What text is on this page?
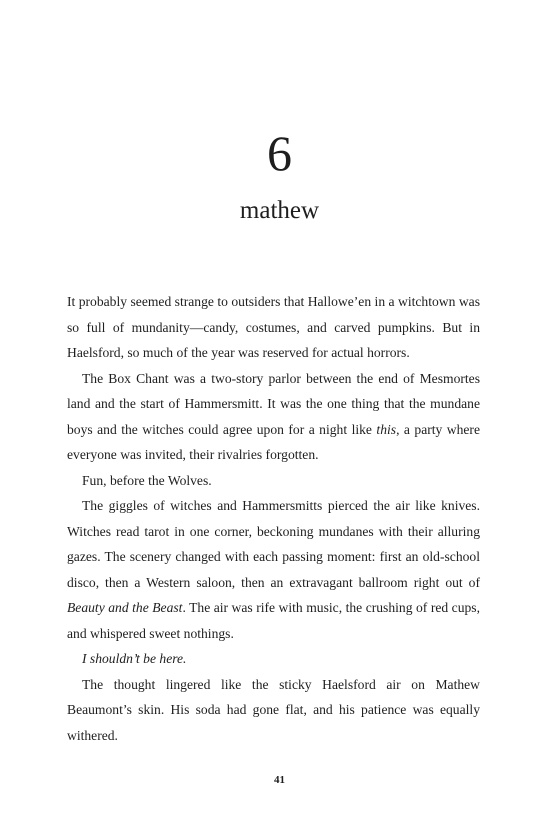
6
mathew

It probably seemed strange to outsiders that Hallowe’en in a witchtown was so full of mundanity—candy, costumes, and carved pumpkins. But in Haelsford, so much of the year was reserved for actual horrors.

The Box Chant was a two-story parlor between the end of Mesmortes land and the start of Hammersmitt. It was the one thing that the mundane boys and the witches could agree upon for a night like this, a party where everyone was invited, their rivalries forgotten.

Fun, before the Wolves.

The giggles of witches and Hammersmitts pierced the air like knives. Witches read tarot in one corner, beckoning mundanes with their alluring gazes. The scenery changed with each passing moment: first an old-school disco, then a Western saloon, then an extravagant ballroom right out of Beauty and the Beast. The air was rife with music, the crushing of red cups, and whispered sweet nothings.

I shouldn’t be here.

The thought lingered like the sticky Haelsford air on Mathew Beaumont’s skin. His soda had gone flat, and his patience was equally withered.

41
